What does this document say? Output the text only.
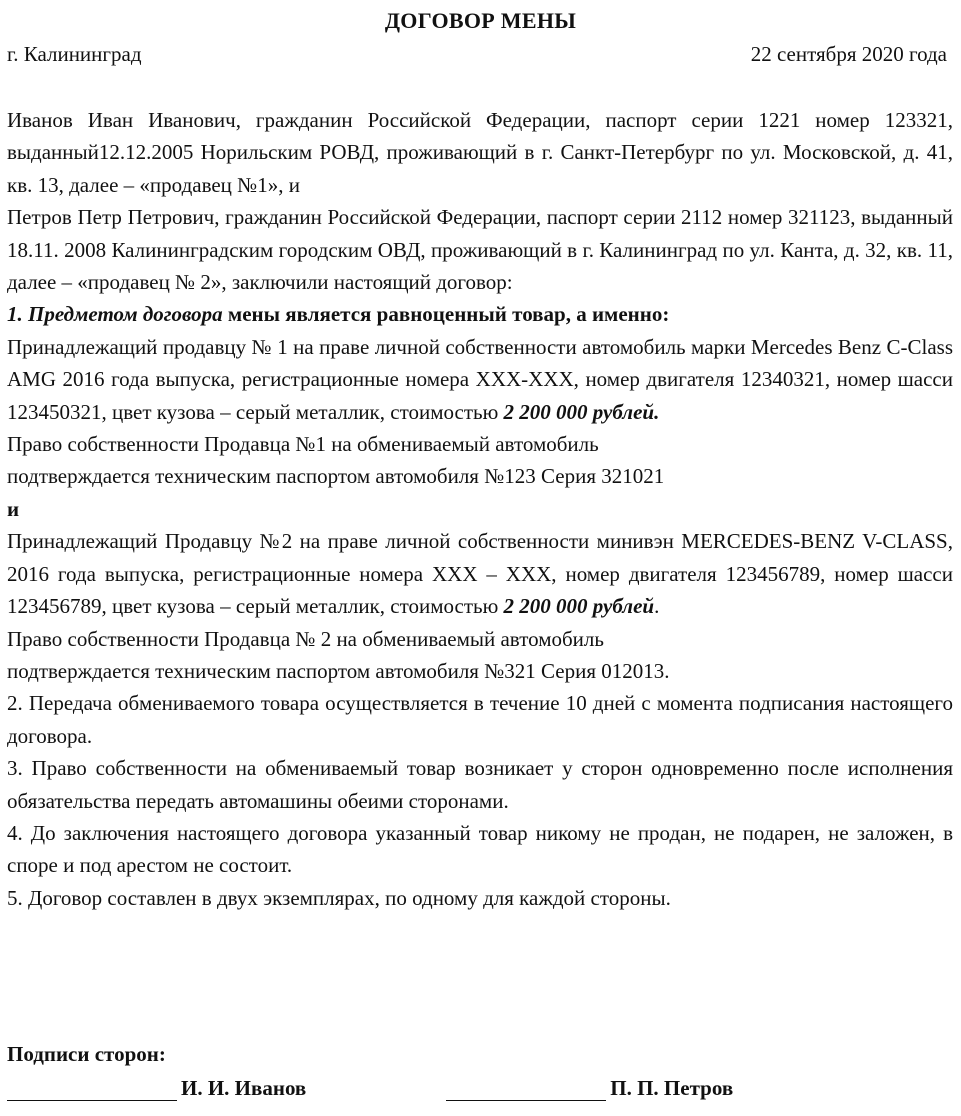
ДОГОВОР МЕНЫ
г. Калининград	22 сентября 2020 года

Иванов Иван Иванович, гражданин Российской Федерации, паспорт серии 1221 номер 123321, выданный12.12.2005 Норильским РОВД, проживающий в г. Санкт-Петербург по ул. Московской, д. 41, кв. 13, далее – «продавец №1», и

Петров Петр Петрович, гражданин Российской Федерации, паспорт серии 2112 номер 321123, выданный 18.11. 2008 Калининградским городским ОВД, проживающий в г. Калининград по ул. Канта, д. 32, кв. 11, далее – «продавец № 2», заключили настоящий договор:

1. Предметом договора мены является равноценный товар, а именно:

Принадлежащий продавцу № 1 на праве личной собственности автомобиль марки Mercedes Benz C-Class AMG 2016 года выпуска, регистрационные номера XXX-XXX, номер двигателя 12340321, номер шасси 123450321, цвет кузова – серый металлик, стоимостью 2 200 000 рублей.

Право собственности Продавца №1 на обмениваемый автомобиль

подтверждается техническим паспортом автомобиля №123 Серия 321021

и

Принадлежащий Продавцу №2 на праве личной собственности минивэн MERCEDES-BENZ V-CLASS, 2016 года выпуска, регистрационные номера XXX – XXX, номер двигателя 123456789, номер шасси 123456789, цвет кузова – серый металлик, стоимостью 2 200 000 рублей.

Право собственности Продавца № 2 на обмениваемый автомобиль

подтверждается техническим паспортом автомобиля №321 Серия 012013.

2. Передача обмениваемого товара осуществляется в течение 10 дней с момента подписания настоящего договора.

3. Право собственности на обмениваемый товар возникает у сторон одновременно после исполнения обязательства передать автомашины обеими сторонами.

4. До заключения настоящего договора указанный товар никому не продан, не подарен, не заложен, в споре и под арестом не состоит.

5. Договор составлен в двух экземплярах, по одному для каждой стороны.

Подписи сторон:
И. И. Иванов	П. П. Петров
